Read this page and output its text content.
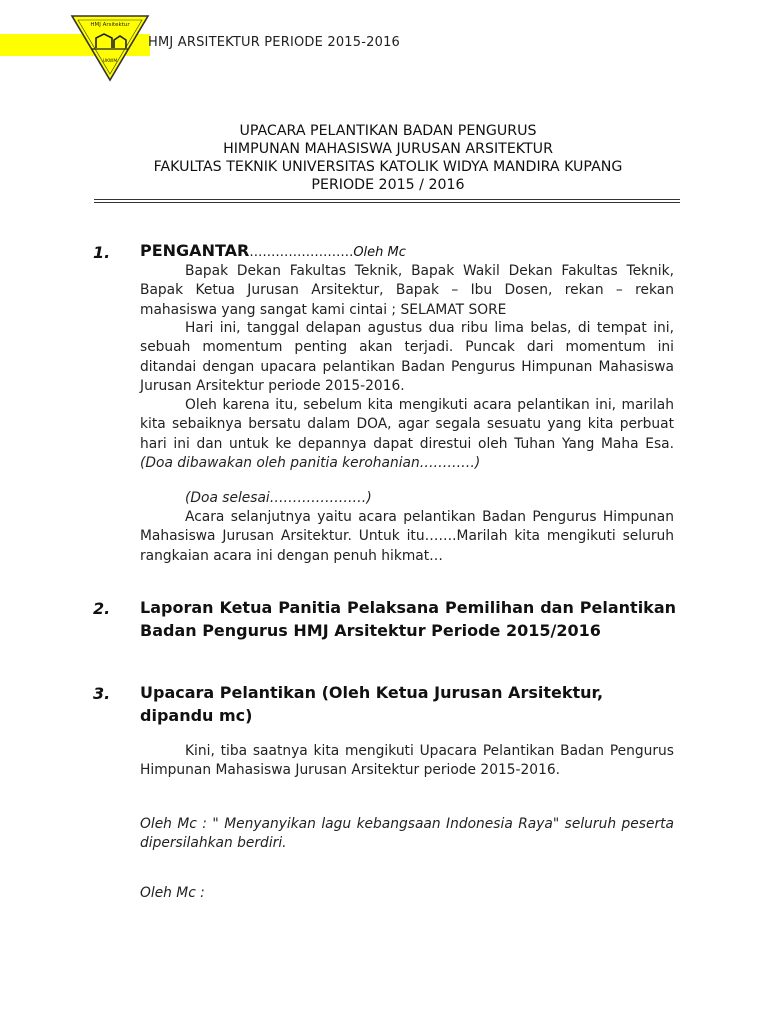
HMJ Arsitektur
UKWM
HMJ ARSITEKTUR PERIODE 2015-2016
UPACARA PELANTIKAN BADAN PENGURUS
HIMPUNAN MAHASISWA JURUSAN ARSITEKTUR
FAKULTAS TEKNIK UNIVERSITAS KATOLIK WIDYA MANDIRA KUPANG
PERIODE 2015 / 2016
1. PENGANTAR……………………Oleh Mc
Bapak Dekan Fakultas Teknik, Bapak Wakil Dekan Fakultas Teknik, Bapak Ketua Jurusan Arsitektur, Bapak – Ibu Dosen, rekan – rekan mahasiswa yang sangat kami cintai ; SELAMAT SORE
Hari ini, tanggal delapan agustus dua ribu lima belas, di tempat ini, sebuah momentum penting akan terjadi. Puncak dari momentum ini ditandai dengan upacara pelantikan Badan Pengurus Himpunan Mahasiswa Jurusan Arsitektur periode 2015-2016.
Oleh karena itu, sebelum kita mengikuti acara pelantikan ini, marilah kita sebaiknya bersatu dalam DOA, agar segala sesuatu yang kita perbuat hari ini dan untuk ke depannya dapat direstui oleh Tuhan Yang Maha Esa. (Doa dibawakan oleh panitia kerohanian…………)
(Doa selesai…………………)
Acara selanjutnya yaitu acara pelantikan Badan Pengurus Himpunan Mahasiswa Jurusan Arsitektur. Untuk itu…….Marilah kita mengikuti seluruh rangkaian acara ini dengan penuh hikmat…
2. Laporan Ketua Panitia Pelaksana Pemilihan dan Pelantikan Badan Pengurus HMJ Arsitektur Periode 2015/2016
3. Upacara Pelantikan (Oleh Ketua Jurusan Arsitektur, dipandu mc)
Kini, tiba saatnya kita mengikuti Upacara Pelantikan Badan Pengurus Himpunan Mahasiswa Jurusan Arsitektur periode 2015-2016.
Oleh Mc : " Menyanyikan lagu kebangsaan Indonesia Raya" seluruh peserta dipersilahkan berdiri.
Oleh Mc :
